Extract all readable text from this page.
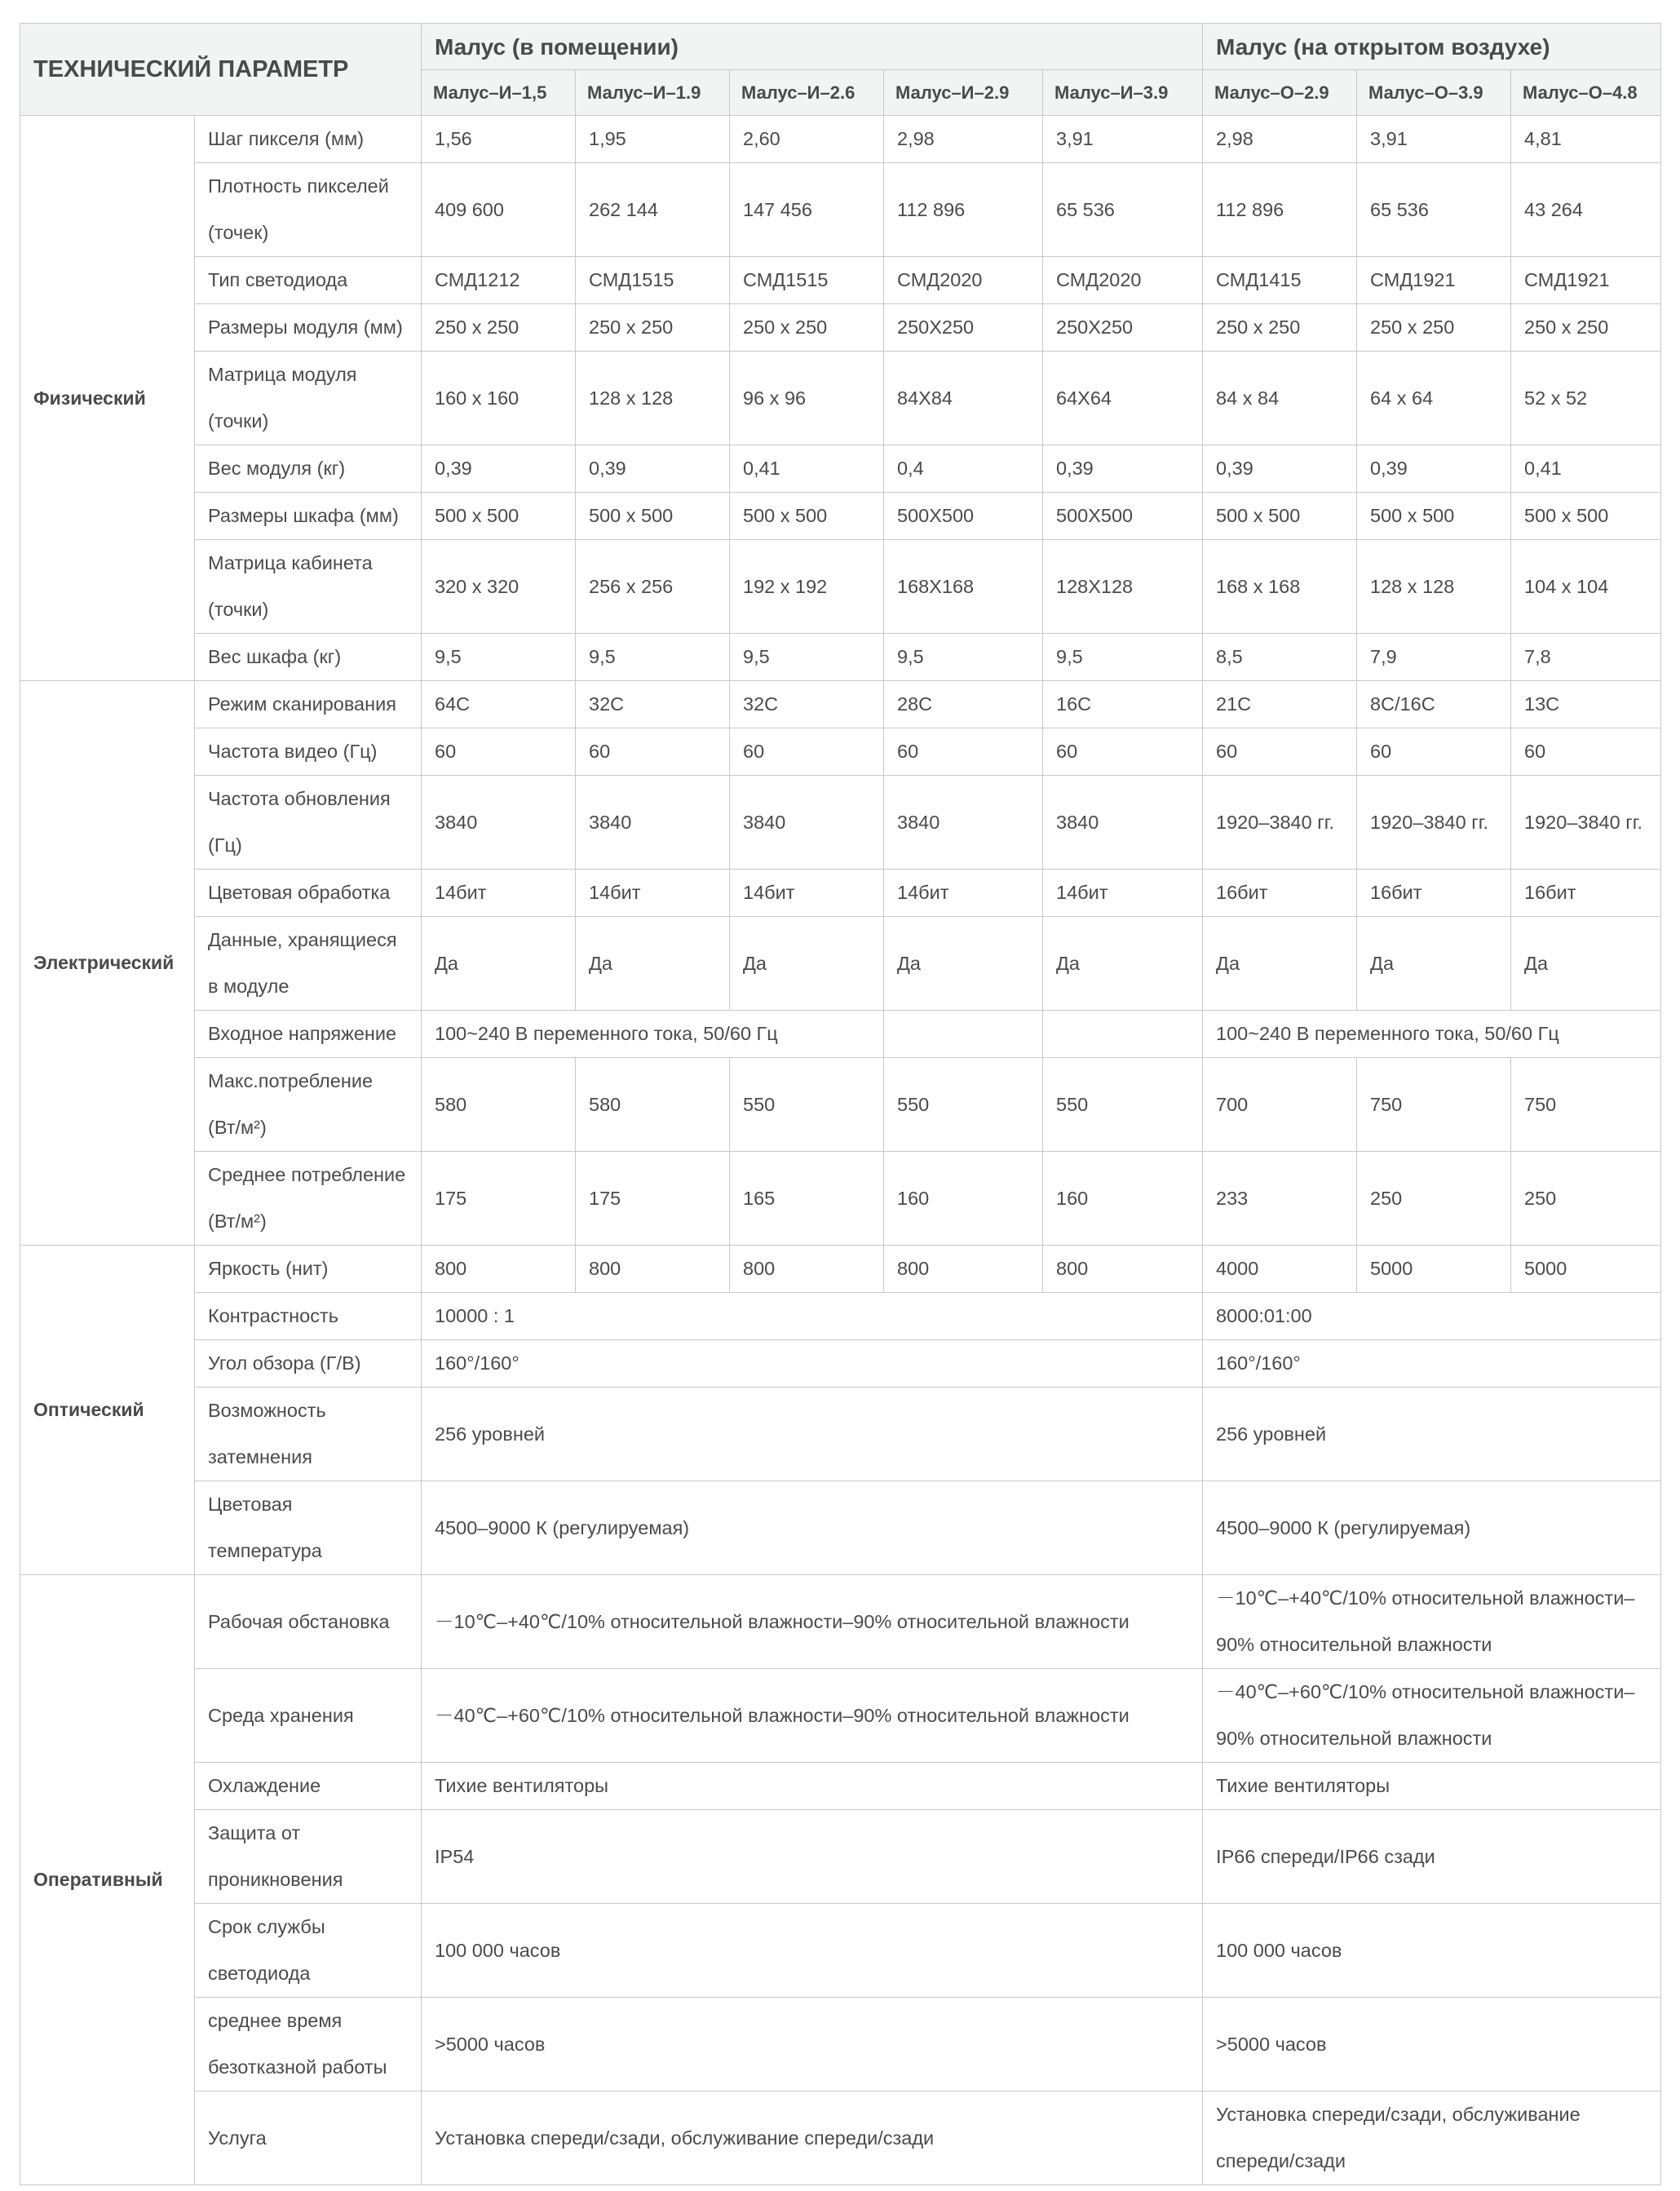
ТЕХНИЧЕСКИЙ ПАРАМЕТР		Малус (в помещении)					Малус (на открытом воздухе)		
		Малус–И–1,5	Малус–И–1.9	Малус–И–2.6	Малус–И–2.9	Малус–И–3.9	Малус–О–2.9	Малус–О–3.9	Малус–О–4.8
Физический	Шаг пикселя (мм)	1,56	1,95	2,60	2,98	3,91	2,98	3,91	4,81
	Плотность пикселей (точек)	409 600	262 144	147 456	112 896	65 536	112 896	65 536	43 264
	Тип светодиода	СМД1212	СМД1515	СМД1515	СМД2020	СМД2020	СМД1415	СМД1921	СМД1921
	Размеры модуля (мм)	250 x 250	250 x 250	250 x 250	250X250	250X250	250 x 250	250 x 250	250 x 250
	Матрица модуля (точки)	160 x 160	128 x 128	96 x 96	84X84	64X64	84 x 84	64 x 64	52 x 52
	Вес модуля (кг)	0,39	0,39	0,41	0,4	0,39	0,39	0,39	0,41
	Размеры шкафа (мм)	500 x 500	500 x 500	500 x 500	500X500	500X500	500 x 500	500 x 500	500 x 500
	Матрица кабинета (точки)	320 x 320	256 x 256	192 x 192	168X168	128X128	168 x 168	128 x 128	104 x 104
	Вес шкафа (кг)	9,5	9,5	9,5	9,5	9,5	8,5	7,9	7,8
Электрический	Режим сканирования	64С	32С	32С	28С	16С	21С	8С/16С	13С
	Частота видео (Гц)	60	60	60	60	60	60	60	60
	Частота обновления (Гц)	3840	3840	3840	3840	3840	1920–3840 гг.	1920–3840 гг.	1920–3840 гг.
	Цветовая обработка	14бит	14бит	14бит	14бит	14бит	16бит	16бит	16бит
	Данные, хранящиеся в модуле	Да	Да	Да	Да	Да	Да	Да	Да
	Входное напряжение	100~240 В переменного тока, 50/60 Гц					100~240 В переменного тока, 50/60 Гц		
	Макс.потребление (Вт/м²)	580	580	550	550	550	700	750	750
	Среднее потребление (Вт/м²)	175	175	165	160	160	233	250	250
Оптический	Яркость (нит)	800	800	800	800	800	4000	5000	5000
	Контрастность	10000 : 1					8000:01:00		
	Угол обзора (Г/В)	160°/160°					160°/160°		
	Возможность затемнения	256 уровней					256 уровней		
	Цветовая температура	4500–9000 К (регулируемая)					4500–9000 К (регулируемая)		
Оперативный	Рабочая обстановка	－10℃–+40℃/10% относительной влажности–90% относительной влажности					－10℃–+40℃/10% относительной влажности–90% относительной влажности		
	Среда хранения	－40℃–+60℃/10% относительной влажности–90% относительной влажности					－40℃–+60℃/10% относительной влажности–90% относительной влажности		
	Охлаждение	Тихие вентиляторы					Тихие вентиляторы		
	Защита от проникновения	IP54					IP66 спереди/IP66 сзади		
	Срок службы светодиода	100 000 часов					100 000 часов		
	среднее время безотказной работы	>5000 часов					>5000 часов		
	Услуга	Установка спереди/сзади, обслуживание спереди/сзади					Установка спереди/сзади, обслуживание спереди/сзади		
